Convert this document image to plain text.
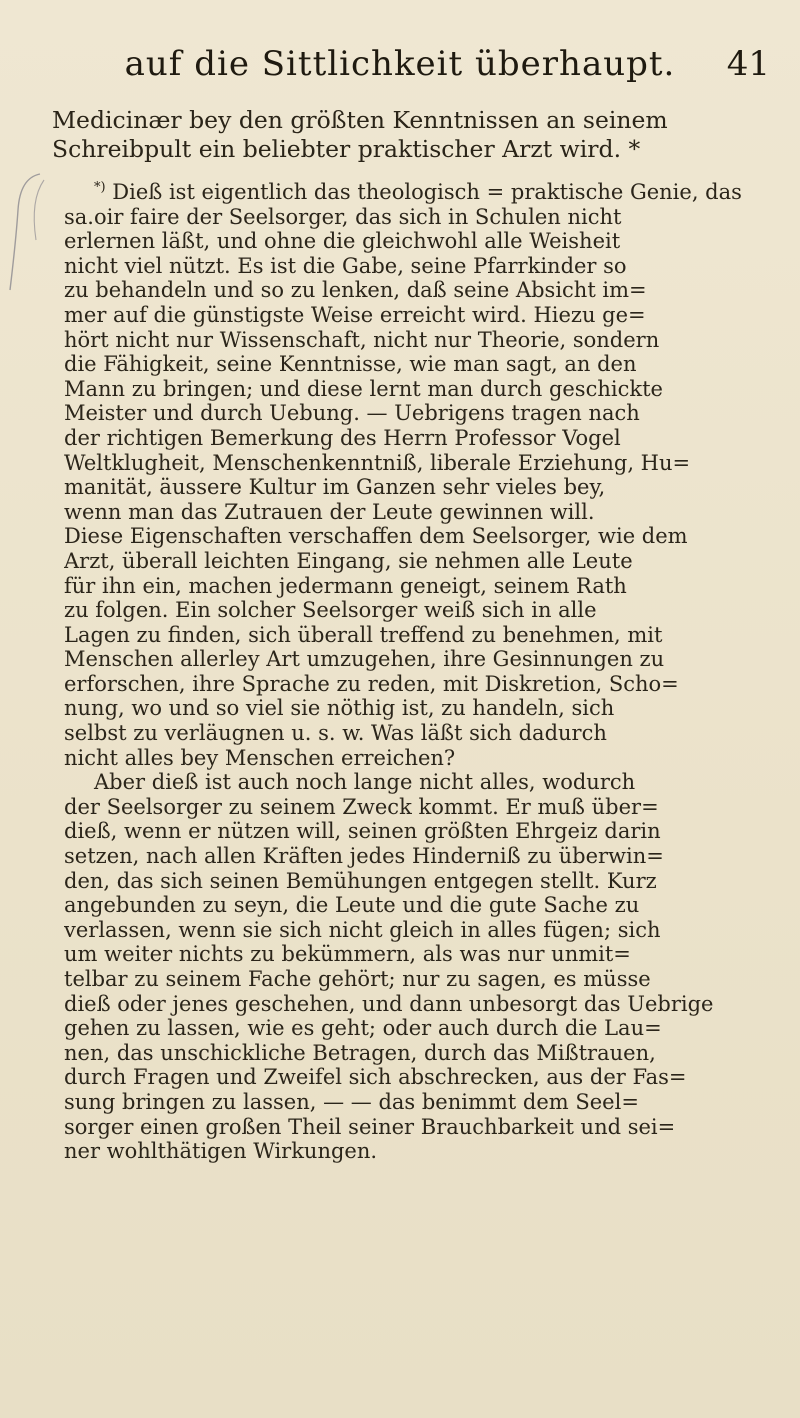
auf die Sittlichkeit überhaupt. 41
Medicinær bey den größten Kenntnissen an seinem
Schreibpult ein beliebter praktischer Arzt wird. *
*) Dieß ist eigentlich das theologisch = praktische Genie, das
sa.oir faire der Seelsorger, das sich in Schulen nicht
erlernen läßt, und ohne die gleichwohl alle Weisheit
nicht viel nützt. Es ist die Gabe, seine Pfarrkinder so
zu behandeln und so zu lenken, daß seine Absicht im=
mer auf die günstigste Weise erreicht wird. Hiezu ge=
hört nicht nur Wissenschaft, nicht nur Theorie, sondern
die Fähigkeit, seine Kenntnisse, wie man sagt, an den
Mann zu bringen; und diese lernt man durch geschickte
Meister und durch Uebung. — Uebrigens tragen nach
der richtigen Bemerkung des Herrn Professor Vogel
Weltklugheit, Menschenkenntniß, liberale Erziehung, Hu=
manität, äussere Kultur im Ganzen sehr vieles bey,
wenn man das Zutrauen der Leute gewinnen will.
Diese Eigenschaften verschaffen dem Seelsorger, wie dem
Arzt, überall leichten Eingang, sie nehmen alle Leute
für ihn ein, machen jedermann geneigt, seinem Rath
zu folgen. Ein solcher Seelsorger weiß sich in alle
Lagen zu finden, sich überall treffend zu benehmen, mit
Menschen allerley Art umzugehen, ihre Gesinnungen zu
erforschen, ihre Sprache zu reden, mit Diskretion, Scho=
nung, wo und so viel sie nöthig ist, zu handeln, sich
selbst zu verläugnen u. s. w. Was läßt sich dadurch
nicht alles bey Menschen erreichen?
Aber dieß ist auch noch lange nicht alles, wodurch
der Seelsorger zu seinem Zweck kommt. Er muß über=
dieß, wenn er nützen will, seinen größten Ehrgeiz darin
setzen, nach allen Kräften jedes Hinderniß zu überwin=
den, das sich seinen Bemühungen entgegen stellt. Kurz
angebunden zu seyn, die Leute und die gute Sache zu
verlassen, wenn sie sich nicht gleich in alles fügen; sich
um weiter nichts zu bekümmern, als was nur unmit=
telbar zu seinem Fache gehört; nur zu sagen, es müsse
dieß oder jenes geschehen, und dann unbesorgt das Uebrige
gehen zu lassen, wie es geht; oder auch durch die Lau=
nen, das unschickliche Betragen, durch das Mißtrauen,
durch Fragen und Zweifel sich abschrecken, aus der Fas=
sung bringen zu lassen, — — das benimmt dem Seel=
sorger einen großen Theil seiner Brauchbarkeit und sei=
ner wohlthätigen Wirkungen.
